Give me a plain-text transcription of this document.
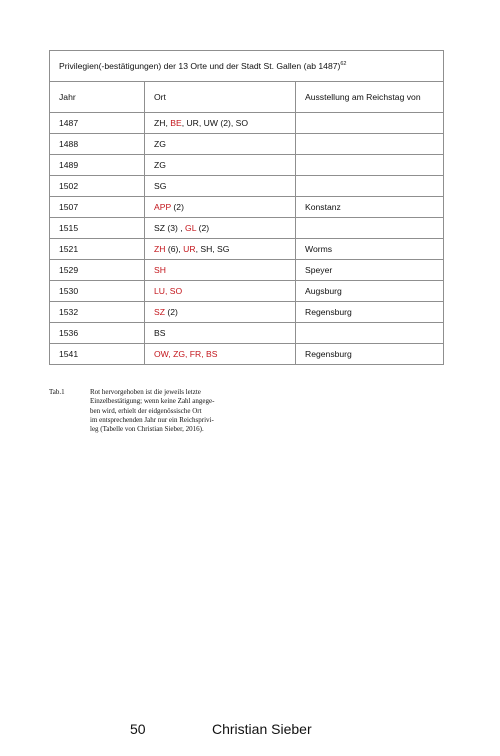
Privilegien(-bestätigungen) der 13 Orte und der Stadt St. Gallen (ab 1487)$^{62}$
Jahr	Ort	Ausstellung am Reichstag von
1487	ZH, BE, UR, UW (2), SO	
1488	ZG	
1489	ZG	
1502	SG	
1507	APP (2)	Konstanz
1515	SZ (3) , GL (2)	
1521	ZH (6), UR, SH, SG	Worms
1529	SH	Speyer
1530	LU, SO	Augsburg
1532	SZ (2)	Regensburg
1536	BS	
1541	OW, ZG, FR, BS	Regensburg
Tab.1	Rot hervorgehoben ist die jeweils letzte
Einzelbestätigung; wenn keine Zahl angege-
ben wird, erhielt der eidgenössische Ort
im entsprechenden Jahr nur ein Reichsprivi-
leg (Tabelle von Christian Sieber, 2016).
50	Christian Sieber
